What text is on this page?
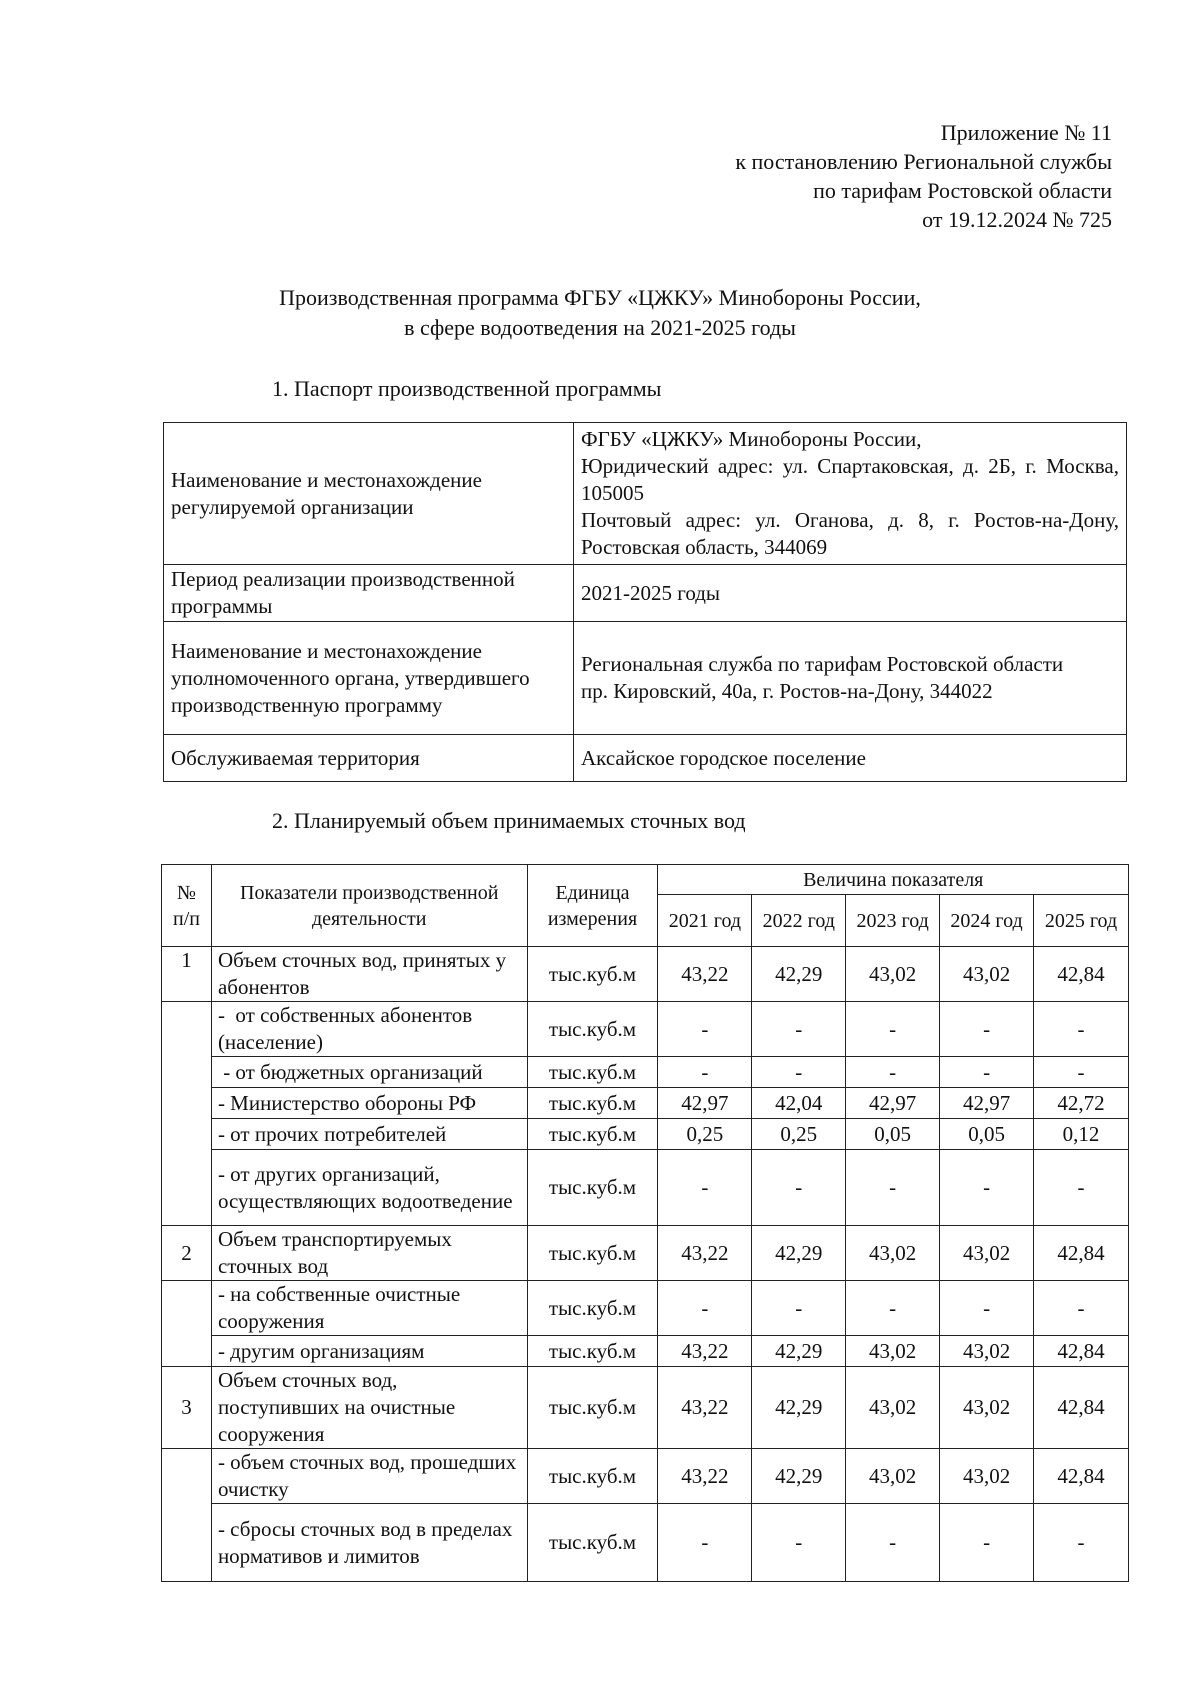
Приложение № 11
к постановлению Региональной службы
по тарифам Ростовской области
от 19.12.2024 № 725
Производственная программа ФГБУ «ЦЖКУ» Минобороны России,
в сфере водоотведения на 2021-2025 годы
1. Паспорт производственной программы
Наименование и местонахождение регулируемой организации	ФГБУ «ЦЖКУ» Минобороны России,
Юридический адрес: ул. Спартаковская, д. 2Б, г. Москва, 105005
Почтовый адрес: ул. Оганова, д. 8, г. Ростов-на-Дону, Ростовская область, 344069

Период реализации производственной программы	2021-2025 годы

Наименование и местонахождение уполномоченного органа, утвердившего производственную программу	Региональная служба по тарифам Ростовской области
пр. Кировский, 40а, г. Ростов-на-Дону, 344022

Обслуживаемая территория	Аксайское городское поселение
2. Планируемый объем принимаемых сточных вод
№ п/п	Показатели производственной деятельности	Единица измерения	Величина показателя				
			2021 год	2022 год	2023 год	2024 год	2025 год
1	Объем сточных вод, принятых у абонентов	тыс.куб.м	43,22	42,29	43,02	43,02	42,84
	-  от собственных абонентов (население)	тыс.куб.м	-	-	-	-	-
	- от бюджетных организаций	тыс.куб.м	-	-	-	-	-
	- Министерство обороны РФ	тыс.куб.м	42,97	42,04	42,97	42,97	42,72
	- от прочих потребителей	тыс.куб.м	0,25	0,25	0,05	0,05	0,12
	- от других организаций, осуществляющих водоотведение	тыс.куб.м	-	-	-	-	-
2	Объем транспортируемых сточных вод	тыс.куб.м	43,22	42,29	43,02	43,02	42,84
	- на собственные очистные сооружения	тыс.куб.м	-	-	-	-	-
	- другим организациям	тыс.куб.м	43,22	42,29	43,02	43,02	42,84
3	Объем сточных вод, поступивших на очистные сооружения	тыс.куб.м	43,22	42,29	43,02	43,02	42,84
	- объем сточных вод, прошедших очистку	тыс.куб.м	43,22	42,29	43,02	43,02	42,84
	- сбросы сточных вод в пределах нормативов и лимитов	тыс.куб.м	-	-	-	-	-
